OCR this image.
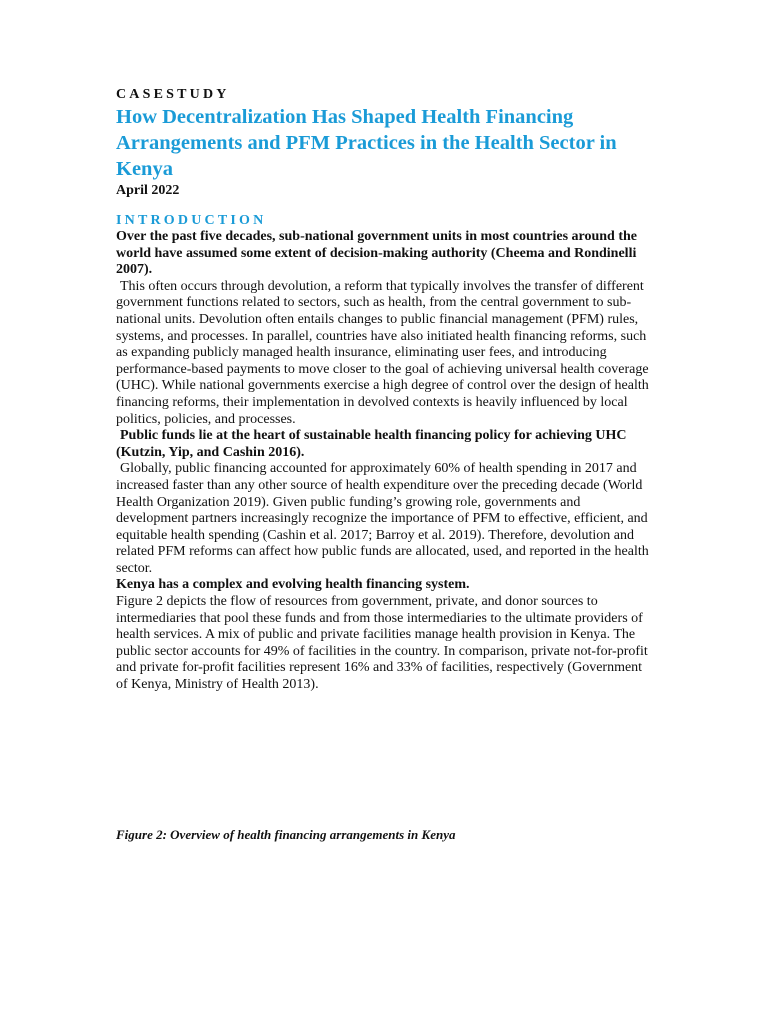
CASESTUDY

How Decentralization Has Shaped Health Financing Arrangements and PFM Practices in the Health Sector in Kenya

April 2022

INTRODUCTION

Over the past five decades, sub-national government units in most countries around the world have assumed some extent of decision-making authority (Cheema and Rondinelli 2007).

This often occurs through devolution, a reform that typically involves the transfer of different government functions related to sectors, such as health, from the central government to sub-national units. Devolution often entails changes to public financial management (PFM) rules, systems, and processes. In parallel, countries have also initiated health financing reforms, such as expanding publicly managed health insurance, eliminating user fees, and introducing performance-based payments to move closer to the goal of achieving universal health coverage (UHC). While national governments exercise a high degree of control over the design of health financing reforms, their implementation in devolved contexts is heavily influenced by local politics, policies, and processes.

Public funds lie at the heart of sustainable health financing policy for achieving UHC (Kutzin, Yip, and Cashin 2016).

Globally, public financing accounted for approximately 60% of health spending in 2017 and increased faster than any other source of health expenditure over the preceding decade (World Health Organization 2019). Given public funding’s growing role, governments and development partners increasingly recognize the importance of PFM to effective, efficient, and equitable health spending (Cashin et al. 2017; Barroy et al. 2019). Therefore, devolution and related PFM reforms can affect how public funds are allocated, used, and reported in the health sector.

Kenya has a complex and evolving health financing system.

Figure 2 depicts the flow of resources from government, private, and donor sources to intermediaries that pool these funds and from those intermediaries to the ultimate providers of health services. A mix of public and private facilities manage health provision in Kenya. The public sector accounts for 49% of facilities in the country. In comparison, private not-for-profit and private for-profit facilities represent 16% and 33% of facilities, respectively (Government of Kenya, Ministry of Health 2013).

Figure 2: Overview of health financing arrangements in Kenya
